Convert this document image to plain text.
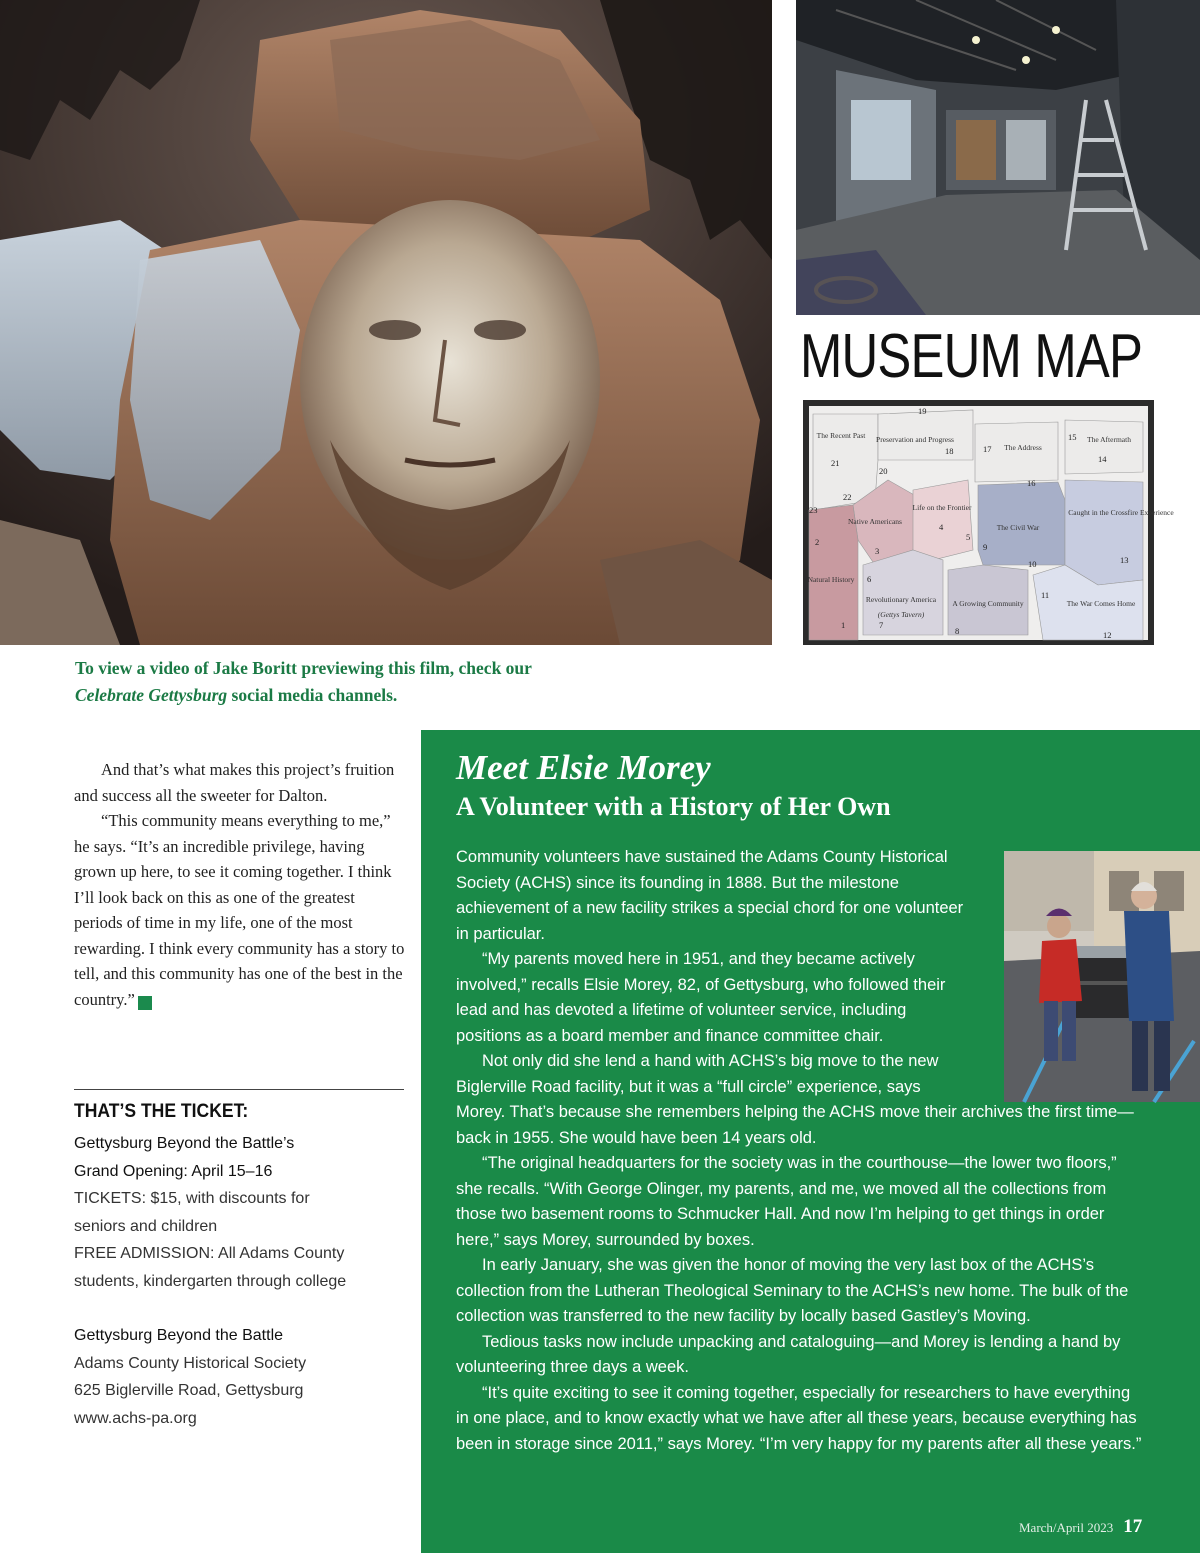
MUSEUM MAP
The Recent Past Preservation and Progress
The Address
The Aftermath
Native Americans
Life on the Frontier
The Civil War
Caught in the Crossfire Experience
Natural History
Revolutionary America
(Gettys Tavern)
A Growing Community	The War Comes Home
1
2
3
4
5
6
7
8
9
10
11
12
13
14
15
16
17
18
19
20
21
22
23
To view a video of Jake Boritt previewing this film, check our
Celebrate Gettysburg social media channels.

And that’s what makes this project’s fruition and success all the sweeter for Dalton.

“This community means everything to me,” he says. “It’s an incredible privilege, having grown up here, to see it coming together. I think I’ll look back on this as one of the greatest periods of time in my life, one of the most rewarding. I think every community has a story to tell, and this community has one of the best in the country.”	G

THAT’S THE TICKET:
Gettysburg Beyond the Battle’s
Grand Opening: April 15–16
TICKETS: $15, with discounts for
seniors and children
FREE ADMISSION: All Adams County
students, kindergarten through college
Gettysburg Beyond the Battle
Adams County Historical Society
625 Biglerville Road, Gettysburg
www.achs-pa.org
Meet Elsie Morey
A Volunteer with a History of Her Own

Community volunteers have sustained the Adams County Historical Society (ACHS) since its founding in 1888. But the milestone achievement of a new facility strikes a special chord for one volunteer in particular.

“My parents moved here in 1951, and they became actively involved,” recalls Elsie Morey, 82, of Gettysburg, who followed their lead and has devoted a lifetime of volunteer service, including positions as a board member and finance committee chair.

Not only did she lend a hand with ACHS’s big move to the new Biglerville Road facility, but it was a “full circle” experience, says Morey. That’s because she remembers helping the ACHS move their archives the first time—back in 1955. She would have been 14 years old.

“The original headquarters for the society was in the courthouse—the lower two floors,” she recalls. “With George Olinger, my parents, and me, we moved all the collections from those two basement rooms to Schmucker Hall. And now I’m helping to get things in order here,” says Morey, surrounded by boxes.

In early January, she was given the honor of moving the very last box of the ACHS’s collection from the Lutheran Theological Seminary to the ACHS’s new home. The bulk of the collection was transferred to the new facility by locally based Gastley’s Moving.

Tedious tasks now include unpacking and cataloguing—and Morey is lending a hand by volunteering three days a week.

“It’s quite exciting to see it coming together, especially for researchers to have everything in one place, and to know exactly what we have after all these years, because everything has been in storage since 2011,” says Morey. “I’m very happy for my parents after all these years.”

March/April 2023 17
